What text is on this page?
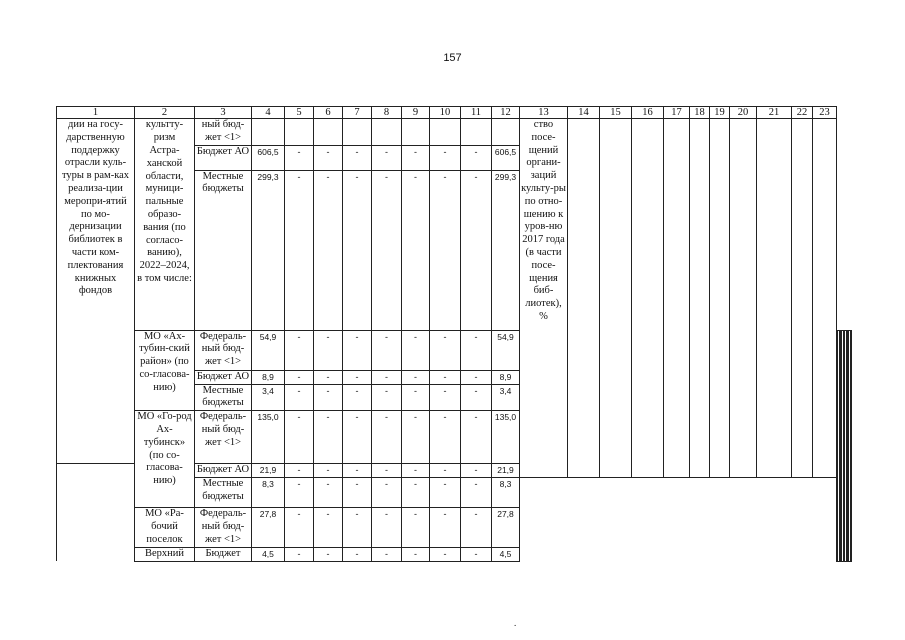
157
1	2	3	4	5	6	7	8	9	10	11	12	13	14	15	16	17	18	19	20	21	22	23							
дии на госу-дарственную поддержку отрасли куль-туры в рам-ках реализа-ции меропри-ятий по мо-дернизации библиотек в части ком-плектования книжных фондов	культту-ризм	ный бюд-жет <1>										ство посе-щений органи-заций культу-ры по отно-шению к уров-ню 2017 года (в части посе-щения биб-лиотек), %																	
	Астра-ханской области, муници-пальные образо-вания (по согласо-ванию), 2022–2024, в том числе:	Бюджет АО	606,5	-	-	-	-	-	-	-	606,5																		
		Местные бюджеты	299,3	-	-	-	-	-	-	-	299,3																		
	МО «Ах-тубин-ский район» (по со-гласова-нию)	Федераль-ный бюд-жет <1>	54,9	-	-	-	-	-	-	-	54,9											
		Бюджет АО	8,9	-	-	-	-	-	-	-	8,9																		
		Местные бюджеты	3,4	-	-	-	-	-	-	-	3,4																		
	МО «Го-род Ах-тубинск» (по со-гласова-нию)	Федераль-ный бюд-жет <1>	135,0	-	-	-	-	-	-	-	135,0																		
		Бюджет АО	21,9	-	-	-	-	-	-	-	21,9																		
		Местные бюджеты	8,3	-	-	-	-	-	-	-	8,3																		
	МО «Ра-бочий поселок	Федераль-ный бюд-жет <1>	27,8	-	-	-	-	-	-	-	27,8																		
	Верхний	Бюджет	4,5	-	-	-	-	-	-	-	4,5																		
.
